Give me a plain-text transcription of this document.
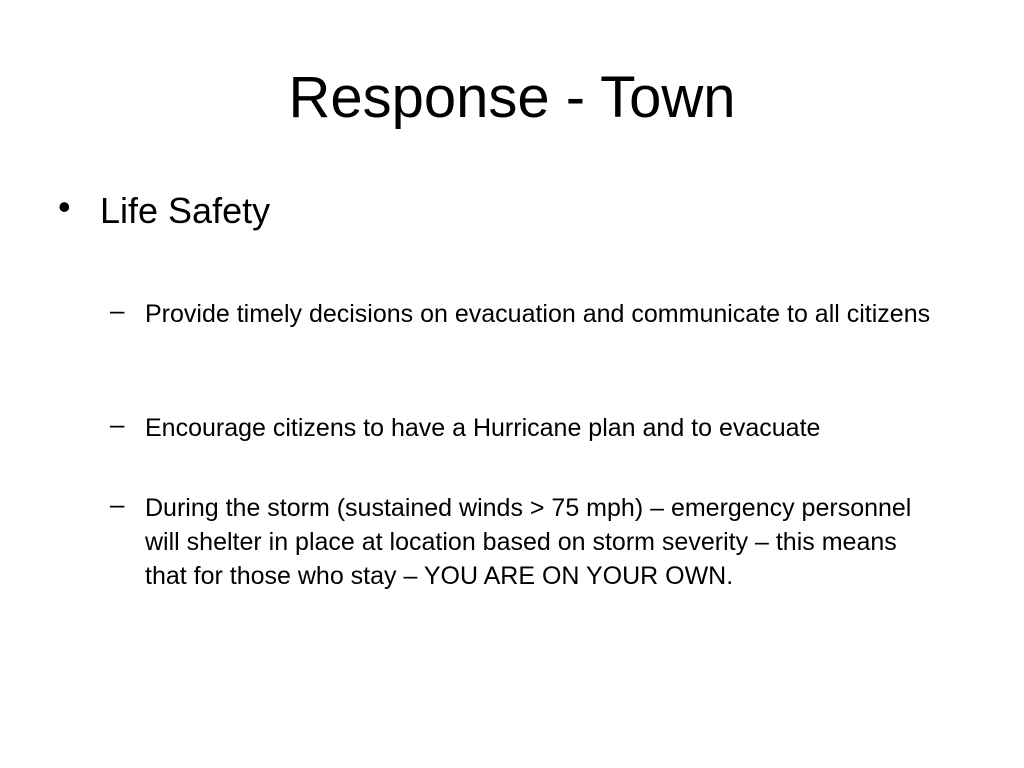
Response - Town
• Life Safety
– Provide timely decisions on evacuation and communicate to all citizens

– Encourage citizens to have a Hurricane plan and to evacuate

– During the storm (sustained winds > 75 mph) – emergency personnel will shelter in place at location based on storm severity – this means that for those who stay – YOU ARE ON YOUR OWN.
